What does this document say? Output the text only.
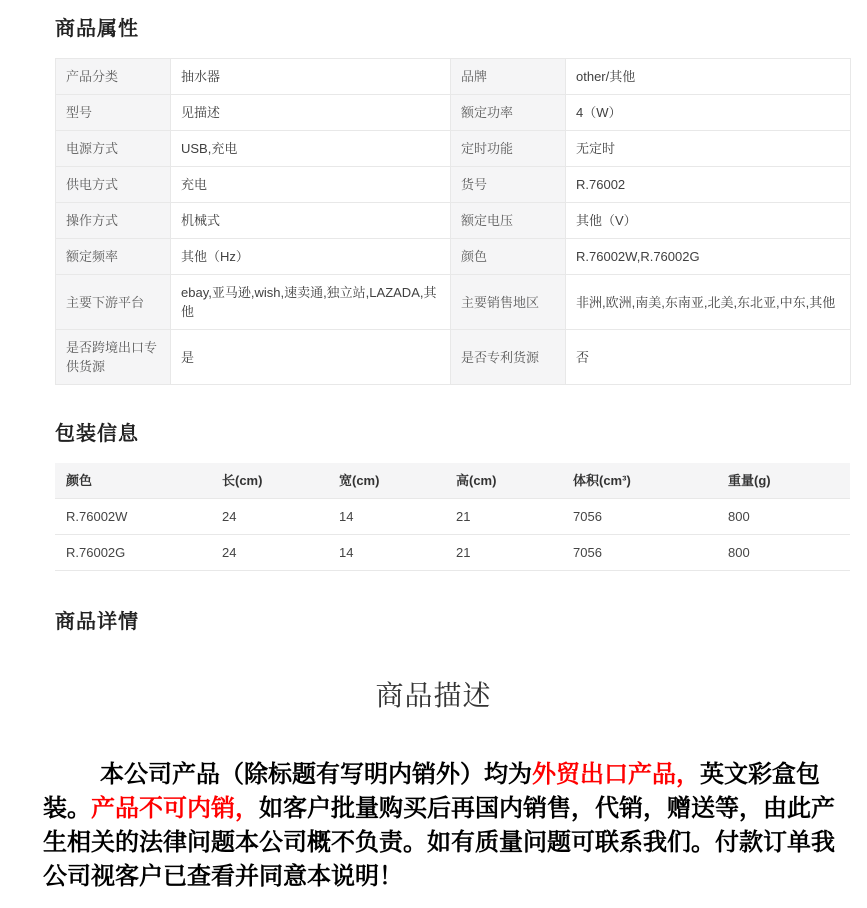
商品属性
产品分类	抽水器	品牌	other/其他
型号	见描述	额定功率	4（W）
电源方式	USB,充电	定时功能	无定时
供电方式	充电	货号	R.76002
操作方式	机械式	额定电压	其他（V）
额定频率	其他（Hz）	颜色	R.76002W,R.76002G
主要下游平台	ebay,亚马逊,wish,速卖通,独立站,LAZADA,其他	主要销售地区	非洲,欧洲,南美,东南亚,北美,东北亚,中东,其他
是否跨境出口专供货源	是	是否专利货源	否
包装信息
颜色	长(cm)	宽(cm)	高(cm)	体积(cm³)	重量(g)
R.76002W	24	14	21	7056	800
R.76002G	24	14	21	7056	800
商品详情
商品描述

本公司产品（除标题有写明内销外）均为外贸出口产品，英文彩盒包装。产品不可内销，如客户批量购买后再国内销售，代销，赠送等，由此产生相关的法律问题本公司概不负责。如有质量问题可联系我们。付款订单我公司视客户已查看并同意本说明！
